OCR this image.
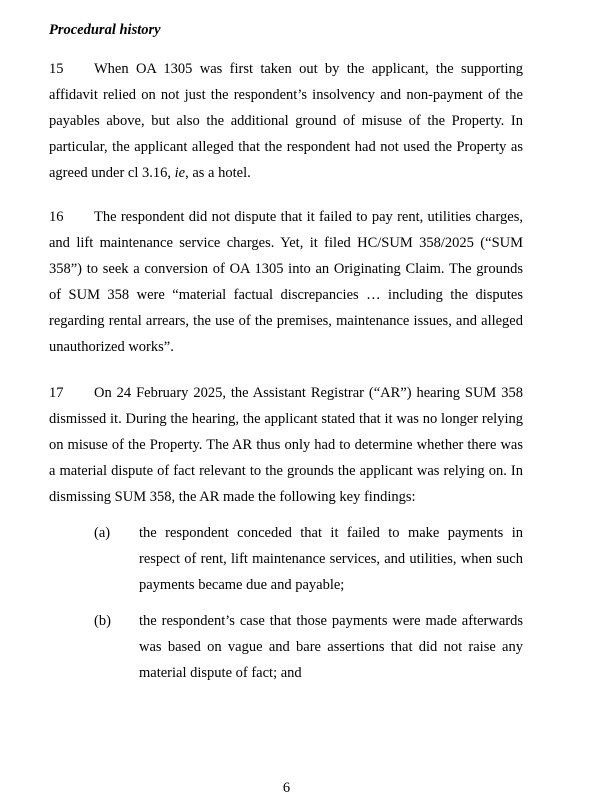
Procedural history
15 When OA 1305 was first taken out by the applicant, the supporting affidavit relied on not just the respondent’s insolvency and non-payment of the payables above, but also the additional ground of misuse of the Property. In particular, the applicant alleged that the respondent had not used the Property as agreed under cl 3.16, ie, as a hotel.
16 The respondent did not dispute that it failed to pay rent, utilities charges, and lift maintenance service charges. Yet, it filed HC/SUM 358/2025 (“SUM 358”) to seek a conversion of OA 1305 into an Originating Claim. The grounds of SUM 358 were “material factual discrepancies … including the disputes regarding rental arrears, the use of the premises, maintenance issues, and alleged unauthorized works”.
17 On 24 February 2025, the Assistant Registrar (“AR”) hearing SUM 358 dismissed it. During the hearing, the applicant stated that it was no longer relying on misuse of the Property. The AR thus only had to determine whether there was a material dispute of fact relevant to the grounds the applicant was relying on. In dismissing SUM 358, the AR made the following key findings:
(a) the respondent conceded that it failed to make payments in respect of rent, lift maintenance services, and utilities, when such payments became due and payable;
(b) the respondent’s case that those payments were made afterwards was based on vague and bare assertions that did not raise any material dispute of fact; and
6
